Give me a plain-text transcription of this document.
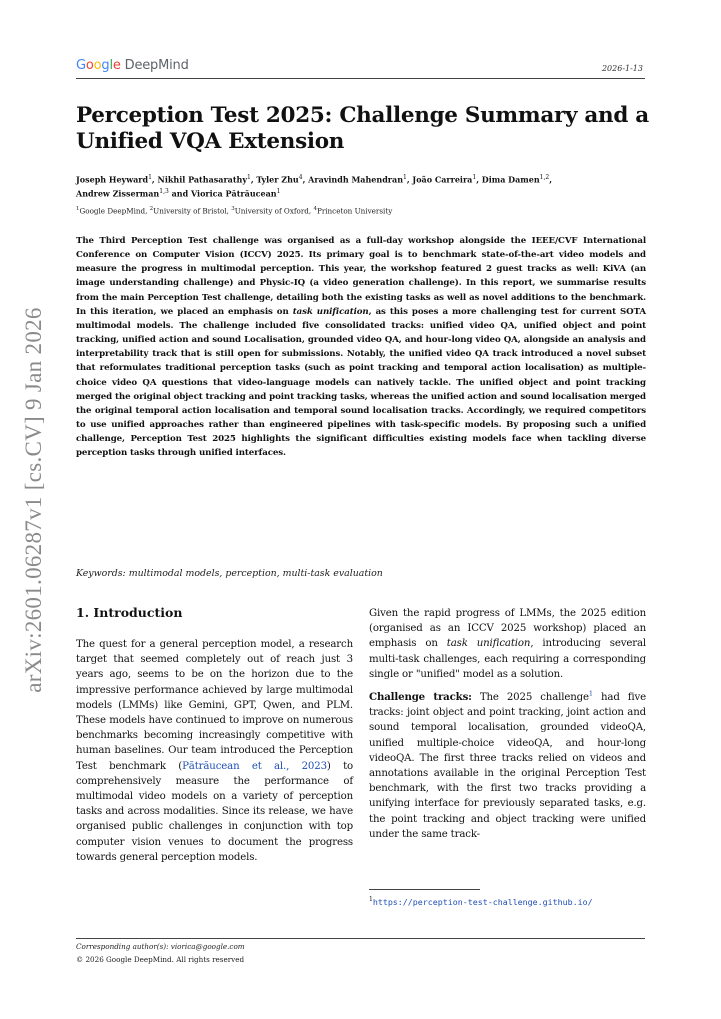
Google DeepMind	2026-1-13
arXiv:2601.06287v1 [cs.CV] 9 Jan 2026
Perception Test 2025: Challenge Summary and a Unified VQA Extension
Joseph Heyward$^1$, Nikhil Pathasarathy$^1$, Tyler Zhu$^4$, Aravindh Mahendran$^1$, João Carreira$^1$, Dima Damen$^{1,2}$,
Andrew Zisserman$^{1,3}$ and Viorica Pătrăucean$^1$
$^1$Google DeepMind, $^2$University of Bristol, $^3$University of Oxford, $^4$Princeton University
The Third Perception Test challenge was organised as a full-day workshop alongside the IEEE/CVF International Conference on Computer Vision (ICCV) 2025. Its primary goal is to benchmark state-of-the-art video models and measure the progress in multimodal perception. This year, the workshop featured 2 guest tracks as well: KiVA (an image understanding challenge) and Physic-IQ (a video generation challenge). In this report, we summarise results from the main Perception Test challenge, detailing both the existing tasks as well as novel additions to the benchmark. In this iteration, we placed an emphasis on task unification, as this poses a more challenging test for current SOTA multimodal models. The challenge included five consolidated tracks: unified video QA, unified object and point tracking, unified action and sound Localisation, grounded video QA, and hour-long video QA, alongside an analysis and interpretability track that is still open for submissions. Notably, the unified video QA track introduced a novel subset that reformulates traditional perception tasks (such as point tracking and temporal action localisation) as multiple-choice video QA questions that video-language models can natively tackle. The unified object and point tracking merged the original object tracking and point tracking tasks, whereas the unified action and sound localisation merged the original temporal action localisation and temporal sound localisation tracks. Accordingly, we required competitors to use unified approaches rather than engineered pipelines with task-specific models. By proposing such a unified challenge, Perception Test 2025 highlights the significant difficulties existing models face when tackling diverse perception tasks through unified interfaces.
Keywords: multimodal models, perception, multi-task evaluation
1. Introduction
The quest for a general perception model, a research target that seemed completely out of reach just 3 years ago, seems to be on the horizon due to the impressive performance achieved by large multimodal models (LMMs) like Gemini, GPT, Qwen, and PLM. These models have continued to improve on numerous benchmarks becoming increasingly competitive with human baselines. Our team introduced the Perception Test benchmark (Pătrăucean et al., 2023) to comprehensively measure the performance of multimodal video models on a variety of perception tasks and across modalities. Since its release, we have organised public challenges in conjunction with top computer vision venues to document the progress towards general perception models.

Given the rapid progress of LMMs, the 2025 edition (organised as an ICCV 2025 workshop) placed an emphasis on task unification, introducing several multi-task challenges, each requiring a corresponding single or "unified" model as a solution.

Challenge tracks: The 2025 challenge$^1$ had five tracks: joint object and point tracking, joint action and sound temporal localisation, grounded videoQA, unified multiple-choice videoQA, and hour-long videoQA. The first three tracks relied on videos and annotations available in the original Perception Test benchmark, with the first two tracks providing a unifying interface for previously separated tasks, e.g. the point tracking and object tracking were unified under the same track-

$^1$https://perception-test-challenge.github.io/
Corresponding author(s): viorica@google.com
© 2026 Google DeepMind. All rights reserved
